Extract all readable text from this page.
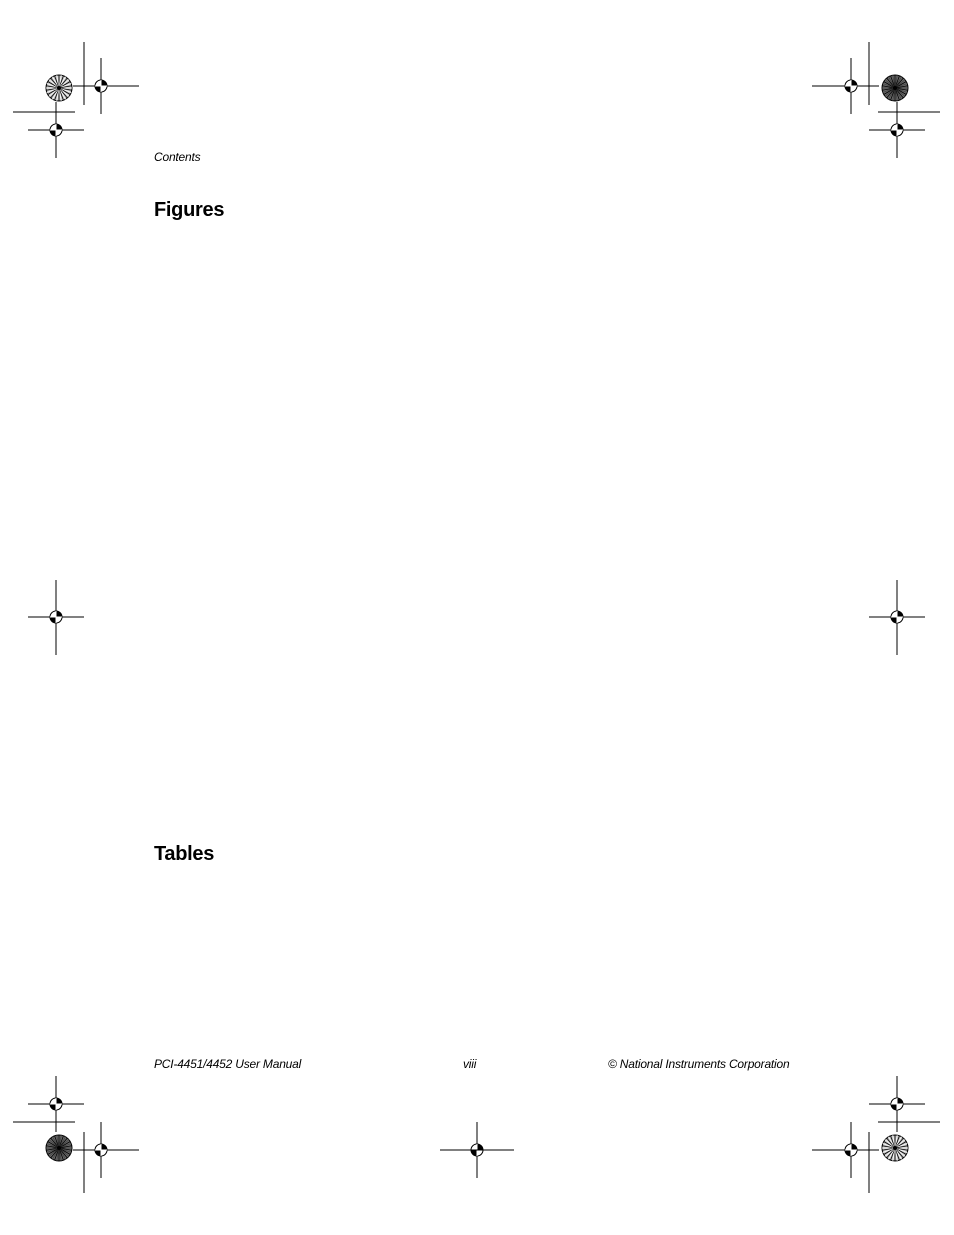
Contents
Figures
Tables
PCI-4451/4452 User Manual	viii	© National Instruments Corporation
